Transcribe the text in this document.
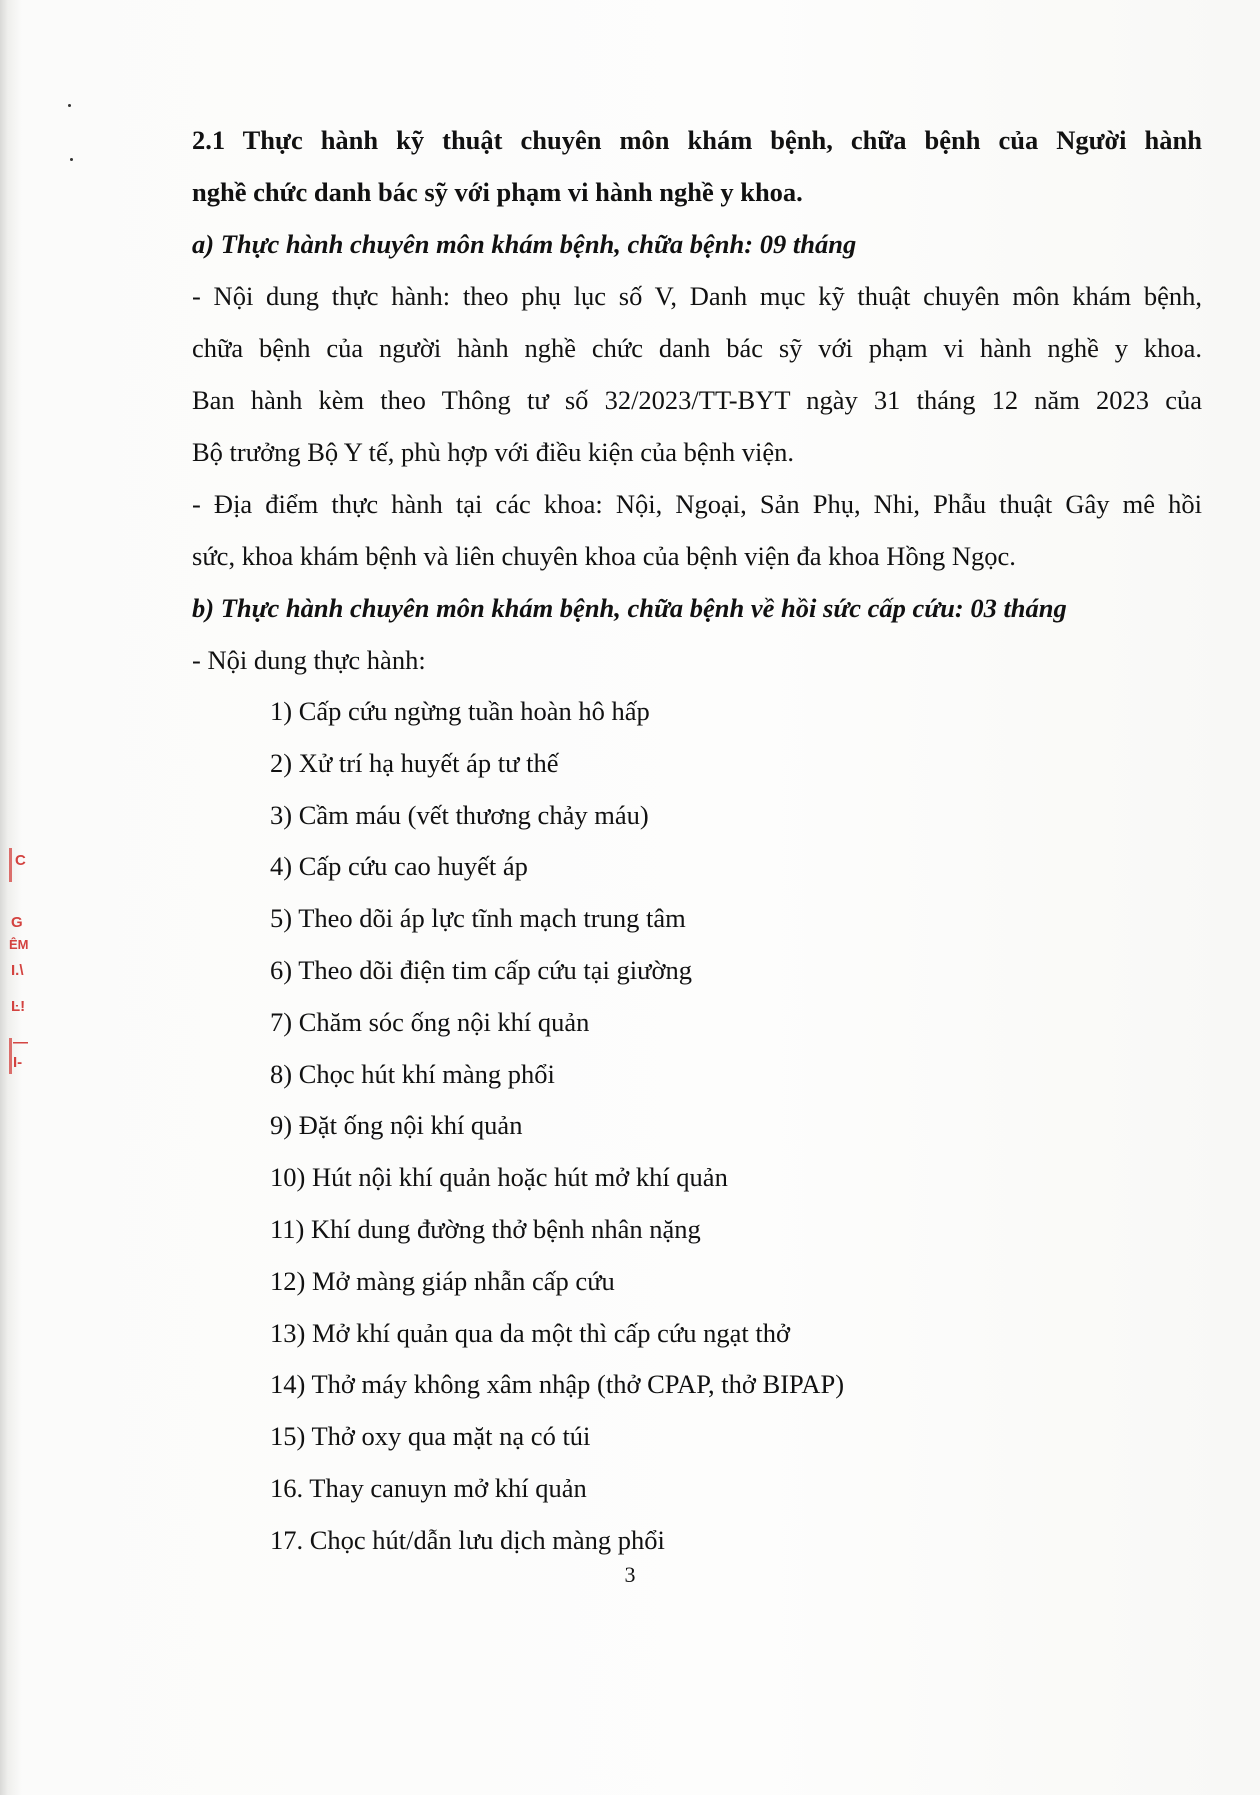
C
G
ÊM
I.\
Ŀ!
—
I-
2.1 Thực hành kỹ thuật chuyên môn khám bệnh, chữa bệnh của Người hành
nghề chức danh bác sỹ với phạm vi hành nghề y khoa.
a) Thực hành chuyên môn khám bệnh, chữa bệnh: 09 tháng
- Nội dung thực hành: theo phụ lục số V, Danh mục kỹ thuật chuyên môn khám bệnh,
chữa bệnh của người hành nghề chức danh bác sỹ với phạm vi hành nghề y khoa.
Ban hành kèm theo Thông tư số 32/2023/TT-BYT ngày 31 tháng 12 năm 2023 của
Bộ trưởng Bộ Y tế, phù hợp với điều kiện của bệnh viện.
- Địa điểm thực hành tại các khoa: Nội, Ngoại, Sản Phụ, Nhi, Phẫu thuật Gây mê hồi
sức, khoa khám bệnh và liên chuyên khoa của bệnh viện đa khoa Hồng Ngọc.
b) Thực hành chuyên môn khám bệnh, chữa bệnh về hồi sức cấp cứu: 03 tháng
- Nội dung thực hành:
1) Cấp cứu ngừng tuần hoàn hô hấp
2) Xử trí hạ huyết áp tư thế
3) Cầm máu (vết thương chảy máu)
4) Cấp cứu cao huyết áp
5) Theo dõi áp lực tĩnh mạch trung tâm
6) Theo dõi điện tim cấp cứu tại giường
7) Chăm sóc ống nội khí quản
8) Chọc hút khí màng phổi
9) Đặt ống nội khí quản
10) Hút nội khí quản hoặc hút mở khí quản
11) Khí dung đường thở bệnh nhân nặng
12) Mở màng giáp nhẫn cấp cứu
13) Mở khí quản qua da một thì cấp cứu ngạt thở
14) Thở máy không xâm nhập (thở CPAP, thở BIPAP)
15) Thở oxy qua mặt nạ có túi
16. Thay canuyn mở khí quản
17. Chọc hút/dẫn lưu dịch màng phổi
3
